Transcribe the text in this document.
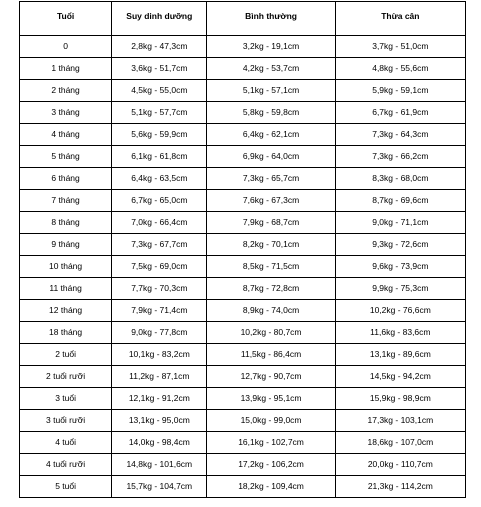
Tuổi	Suy dinh dưỡng	Bình thường	Thừa cân
0	2,8kg - 47,3cm	3,2kg - 19,1cm	3,7kg - 51,0cm
1 tháng	3,6kg - 51,7cm	4,2kg - 53,7cm	4,8kg - 55,6cm
2 tháng	4,5kg - 55,0cm	5,1kg - 57,1cm	5,9kg - 59,1cm
3 tháng	5,1kg - 57,7cm	5,8kg - 59,8cm	6,7kg - 61,9cm
4 tháng	5,6kg - 59,9cm	6,4kg - 62,1cm	7,3kg - 64,3cm
5 tháng	6,1kg - 61,8cm	6,9kg - 64,0cm	7,3kg - 66,2cm
6 tháng	6,4kg - 63,5cm	7,3kg - 65,7cm	8,3kg - 68,0cm
7 tháng	6,7kg - 65,0cm	7,6kg - 67,3cm	8,7kg - 69,6cm
8 tháng	7,0kg - 66,4cm	7,9kg - 68,7cm	9,0kg - 71,1cm
9 tháng	7,3kg - 67,7cm	8,2kg - 70,1cm	9,3kg - 72,6cm
10 tháng	7,5kg - 69,0cm	8,5kg - 71,5cm	9,6kg - 73,9cm
11 tháng	7,7kg - 70,3cm	8,7kg - 72,8cm	9,9kg - 75,3cm
12 tháng	7,9kg - 71,4cm	8,9kg - 74,0cm	10,2kg - 76,6cm
18 tháng	9,0kg - 77,8cm	10,2kg - 80,7cm	11,6kg - 83,6cm
2 tuổi	10,1kg - 83,2cm	11,5kg - 86,4cm	13,1kg - 89,6cm
2 tuổi rưỡi	11,2kg - 87,1cm	12,7kg - 90,7cm	14,5kg - 94,2cm
3 tuổi	12,1kg - 91,2cm	13,9kg - 95,1cm	15,9kg - 98,9cm
3 tuổi rưỡi	13,1kg - 95,0cm	15,0kg - 99,0cm	17,3kg - 103,1cm
4 tuổi	14,0kg - 98,4cm	16,1kg - 102,7cm	18,6kg - 107,0cm
4 tuổi rưỡi	14,8kg - 101,6cm	17,2kg - 106,2cm	20,0kg - 110,7cm
5 tuổi	15,7kg - 104,7cm	18,2kg - 109,4cm	21,3kg - 114,2cm
